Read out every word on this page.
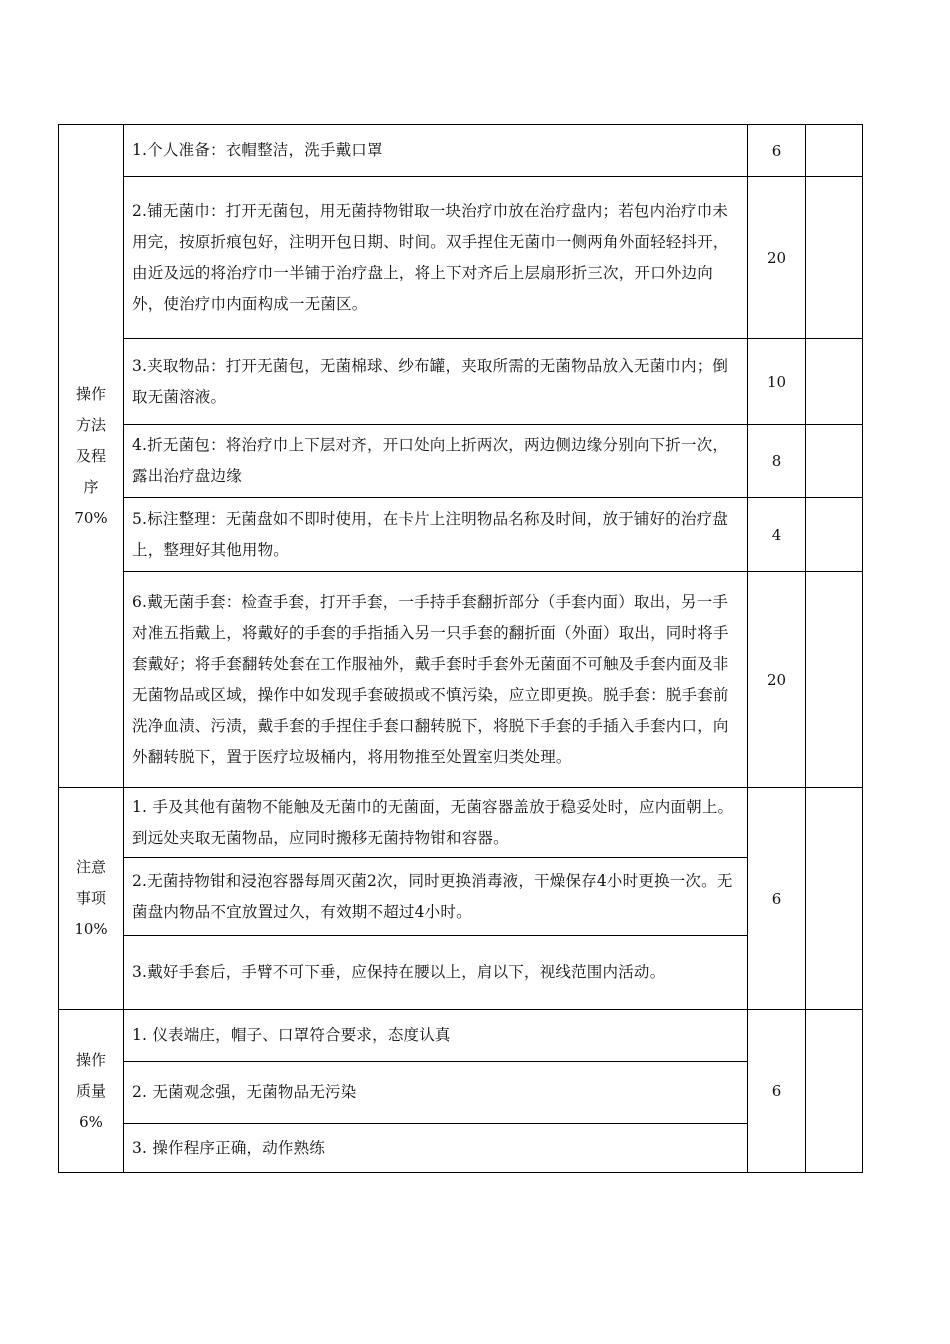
操作
方法
及程
序
70%	1.个人准备：衣帽整洁，洗手戴口罩	6	
	2.铺无菌巾：打开无菌包，用无菌持物钳取一块治疗巾放在治疗盘内；若包内治疗巾未用完，按原折痕包好，注明开包日期、时间。双手捏住无菌巾一侧两角外面轻轻抖开，由近及远的将治疗巾一半铺于治疗盘上，将上下对齐后上层扇形折三次，开口外边向外，使治疗巾内面构成一无菌区。	20	
	3.夹取物品：打开无菌包，无菌棉球、纱布罐，夹取所需的无菌物品放入无菌巾内；倒取无菌溶液。	10	
	4.折无菌包：将治疗巾上下层对齐，开口处向上折两次，两边侧边缘分别向下折一次，露出治疗盘边缘	8	
	5.标注整理：无菌盘如不即时使用，在卡片上注明物品名称及时间，放于铺好的治疗盘上，整理好其他用物。	4	
	6.戴无菌手套：检查手套，打开手套，一手持手套翻折部分（手套内面）取出，另一手对准五指戴上，将戴好的手套的手指插入另一只手套的翻折面（外面）取出，同时将手套戴好；将手套翻转处套在工作服袖外，戴手套时手套外无菌面不可触及手套内面及非无菌物品或区域，操作中如发现手套破损或不慎污染，应立即更换。脱手套：脱手套前洗净血渍、污渍，戴手套的手捏住手套口翻转脱下，将脱下手套的手插入手套内口，向外翻转脱下，置于医疗垃圾桶内，将用物推至处置室归类处理。	20	
注意
事项
10%	1. 手及其他有菌物不能触及无菌巾的无菌面，无菌容器盖放于稳妥处时，应内面朝上。到远处夹取无菌物品，应同时搬移无菌持物钳和容器。	6	
	2.无菌持物钳和浸泡容器每周灭菌2次，同时更换消毒液，干燥保存4小时更换一次。无菌盘内物品不宜放置过久，有效期不超过4小时。		
	3.戴好手套后，手臂不可下垂，应保持在腰以上，肩以下，视线范围内活动。		
操作
质量
6%	1. 仪表端庄，帽子、口罩符合要求，态度认真	6	
	2. 无菌观念强，无菌物品无污染		
	3. 操作程序正确，动作熟练		
